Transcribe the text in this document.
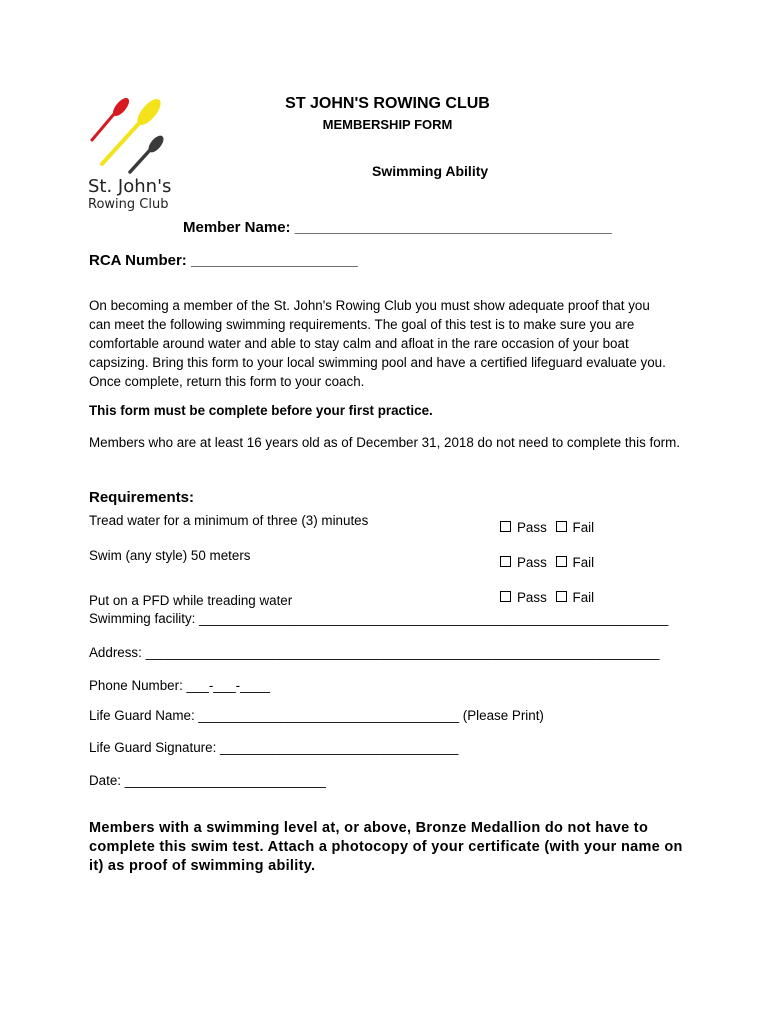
St. John's
Rowing Club
ST JOHN'S ROWING CLUB
MEMBERSHIP FORM
Swimming Ability
Member Name: ______________________________________
RCA Number: ____________________

On becoming a member of the St. John's Rowing Club you must show adequate proof that you

can meet the following swimming requirements. The goal of this test is to make sure you are

comfortable around water and able to stay calm and afloat in the rare occasion of your boat

capsizing. Bring this form to your local swimming pool and have a certified lifeguard evaluate you.

Once complete, return this form to your coach.

This form must be complete before your first practice.
Members who are at least 16 years old as of December 31, 2018 do not need to complete this form.
Requirements:
Tread water for a minimum of three (3) minutes	Pass Fail
Swim (any style) 50 meters	Pass Fail
Pass Fail
Put on a PFD while treading water
Swimming facility: _______________________________________________________________
Address: _____________________________________________________________________
Phone Number: ___-___-____
Life Guard Name: ___________________________________ (Please Print)
Life Guard Signature: ________________________________
Date: ___________________________

Members with a swimming level at, or above, Bronze Medallion do not have to

complete this swim test. Attach a photocopy of your certificate (with your name on

it) as proof of swimming ability.
